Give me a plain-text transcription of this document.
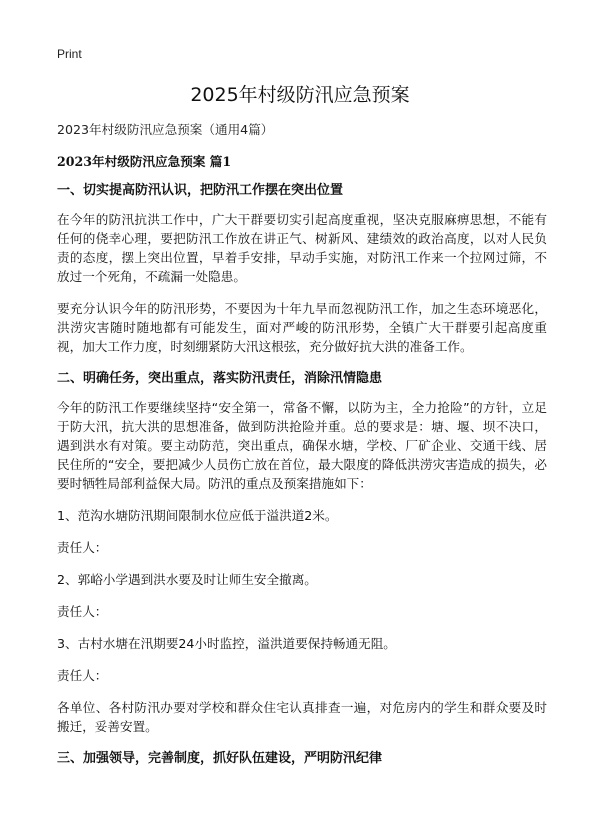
Print
2025年村级防汛应急预案

2023年村级防汛应急预案（通用4篇）

2023年村级防汛应急预案 篇1

一、切实提高防汛认识，把防汛工作摆在突出位置

在今年的防汛抗洪工作中，广大干群要切实引起高度重视，坚决克服麻痹思想，不能有任何的侥幸心理，要把防汛工作放在讲正气、树新风、建绩效的政治高度，以对人民负责的态度，摆上突出位置，早着手安排，早动手实施，对防汛工作来一个拉网过筛，不放过一个死角，不疏漏一处隐患。

要充分认识今年的防汛形势，不要因为十年九旱而忽视防汛工作，加之生态环境恶化，洪涝灾害随时随地都有可能发生，面对严峻的防汛形势，全镇广大干群要引起高度重视，加大工作力度，时刻绷紧防大汛这根弦，充分做好抗大洪的准备工作。

二、明确任务，突出重点，落实防汛责任，消除汛情隐患

今年的防汛工作要继续坚持“安全第一，常备不懈，以防为主，全力抢险”的方针，立足于防大汛，抗大洪的思想准备，做到防洪抢险并重。总的要求是：塘、堰、坝不决口，遇到洪水有对策。要主动防范，突出重点，确保水塘，学校、厂矿企业、交通干线、居民住所的“安全，要把减少人员伤亡放在首位，最大限度的降低洪涝灾害造成的损失，必要时牺牲局部利益保大局。防汛的重点及预案措施如下：

1、范沟水塘防汛期间限制水位应低于溢洪道2米。

责任人：

2、郭峪小学遇到洪水要及时让师生安全撤离。

责任人：

3、古村水塘在汛期要24小时监控，溢洪道要保持畅通无阻。

责任人：

各单位、各村防汛办要对学校和群众住宅认真排查一遍，对危房内的学生和群众要及时搬迁，妥善安置。

三、加强领导，完善制度，抓好队伍建设，严明防汛纪律
